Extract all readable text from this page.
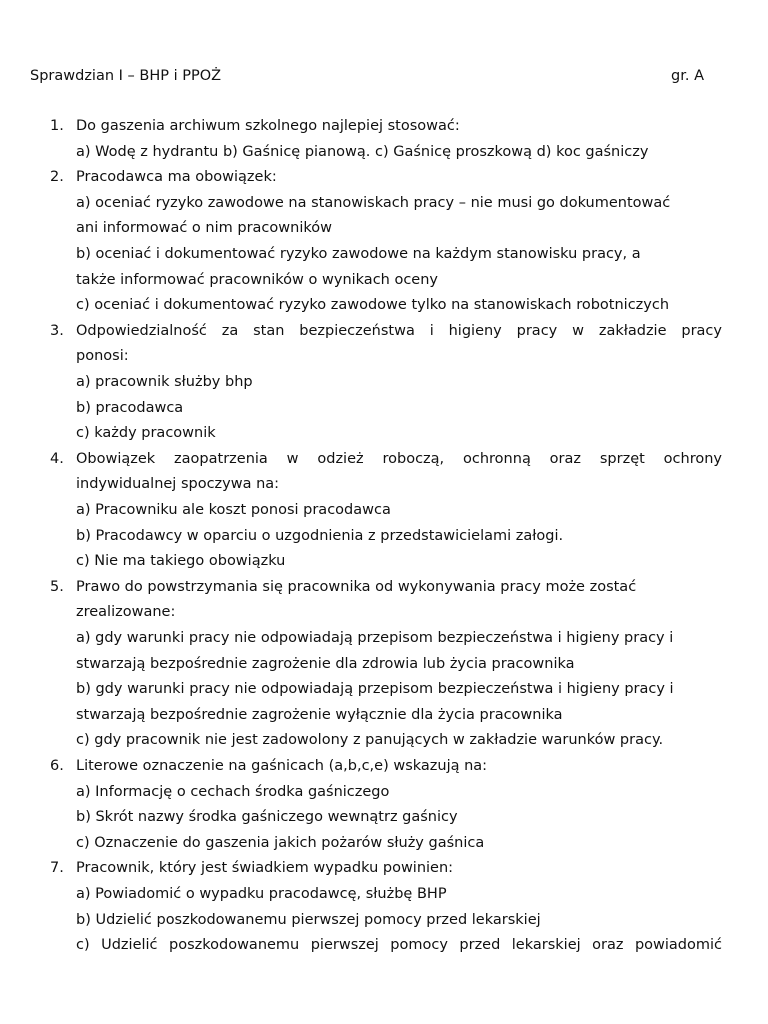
Sprawdzian I – BHP i PPOŻ	gr. A
1. Do gaszenia archiwum szkolnego najlepiej stosować:
a) Wodę z hydrantu b) Gaśnicę pianową. c) Gaśnicę proszkową d) koc gaśniczy
2. Pracodawca ma obowiązek:
a) oceniać ryzyko zawodowe na stanowiskach pracy – nie musi go dokumentować
ani informować o nim pracowników
b) oceniać i dokumentować ryzyko zawodowe na każdym stanowisku pracy, a
także informować pracowników o wynikach oceny
c) oceniać i dokumentować ryzyko zawodowe tylko na stanowiskach robotniczych
3. Odpowiedzialność za stan bezpieczeństwa i higieny pracy w zakładzie pracy
ponosi:
a) pracownik służby bhp
b) pracodawca
c) każdy pracownik
4. Obowiązek zaopatrzenia w odzież roboczą, ochronną oraz sprzęt ochrony
indywidualnej spoczywa na:
a) Pracowniku ale koszt ponosi pracodawca
b) Pracodawcy w oparciu o uzgodnienia z przedstawicielami załogi.
c) Nie ma takiego obowiązku
5. Prawo do powstrzymania się pracownika od wykonywania pracy może zostać
zrealizowane:
a) gdy warunki pracy nie odpowiadają przepisom bezpieczeństwa i higieny pracy i
stwarzają bezpośrednie zagrożenie dla zdrowia lub życia pracownika
b) gdy warunki pracy nie odpowiadają przepisom bezpieczeństwa i higieny pracy i
stwarzają bezpośrednie zagrożenie wyłącznie dla życia pracownika
c) gdy pracownik nie jest zadowolony z panujących w zakładzie warunków pracy.
6. Literowe oznaczenie na gaśnicach (a,b,c,e) wskazują na:
a) Informację o cechach środka gaśniczego
b) Skrót nazwy środka gaśniczego wewnątrz gaśnicy
c) Oznaczenie do gaszenia jakich pożarów służy gaśnica
7. Pracownik, który jest świadkiem wypadku powinien:
a) Powiadomić o wypadku pracodawcę, służbę BHP
b) Udzielić poszkodowanemu pierwszej pomocy przed lekarskiej
c) Udzielić poszkodowanemu pierwszej pomocy przed lekarskiej oraz powiadomić
